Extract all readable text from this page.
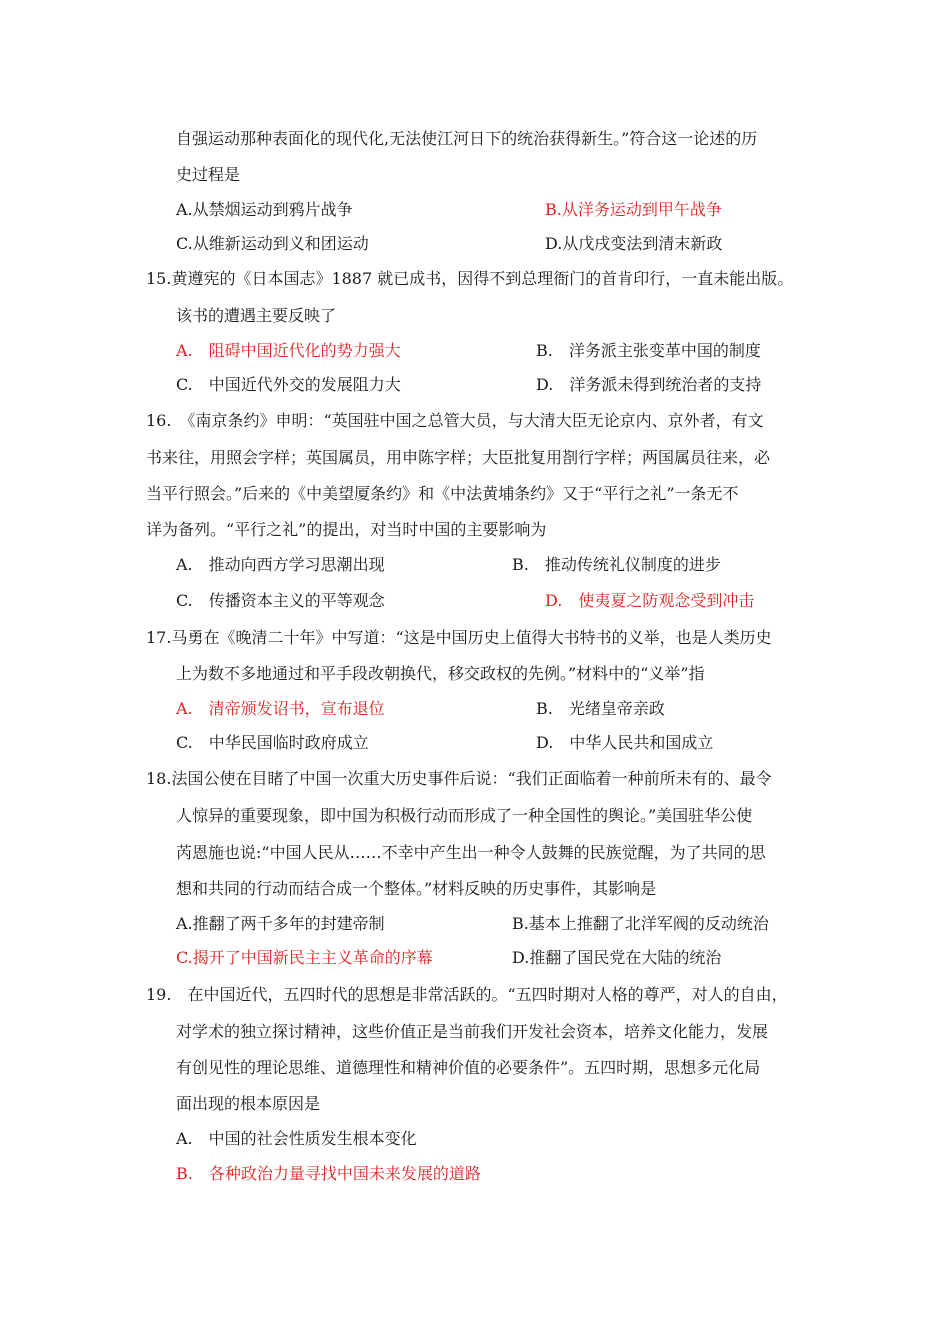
自强运动那种表面化的现代化,无法使江河日下的统治获得新生。”符合这一论述的历
史过程是
A.从禁烟运动到鸦片战争	B.从洋务运动到甲午战争
C.从维新运动到义和团运动	D.从戊戌变法到清末新政
15.黄遵宪的《日本国志》1887 就已成书，因得不到总理衙门的首肯印行，一直未能出版。
该书的遭遇主要反映了
A.　阻碍中国近代化的势力强大	B.　洋务派主张变革中国的制度
C.　中国近代外交的发展阻力大	D.　洋务派未得到统治者的支持
16.　《南京条约》申明：“英国驻中国之总管大员，与大清大臣无论京内、京外者，有文
书来往，用照会字样；英国属员，用申陈字样；大臣批复用剳行字样；两国属员往来，必
当平行照会。”后来的《中美望厦条约》和《中法黄埔条约》又于“平行之礼”一条无不
详为备列。“平行之礼”的提出，对当时中国的主要影响为
A.　推动向西方学习思潮出现	B.　推动传统礼仪制度的进步
C.　传播资本主义的平等观念	D.　使夷夏之防观念受到冲击
17.马勇在《晚清二十年》中写道：“这是中国历史上值得大书特书的义举，也是人类历史
上为数不多地通过和平手段改朝换代，移交政权的先例。”材料中的“义举”指
A.　清帝颁发诏书，宣布退位	B.　光绪皇帝亲政
C.　中华民国临时政府成立	D.　中华人民共和国成立
18.法国公使在目睹了中国一次重大历史事件后说：“我们正面临着一种前所未有的、最令
人惊异的重要现象，即中国为积极行动而形成了一种全国性的舆论。”美国驻华公使
芮恩施也说:“中国人民从……不幸中产生出一种令人鼓舞的民族觉醒，为了共同的思
想和共同的行动而结合成一个整体。”材料反映的历史事件，其影响是
A.推翻了两千多年的封建帝制	B.基本上推翻了北洋军阀的反动统治
C.揭开了中国新民主主义革命的序幕	D.推翻了国民党在大陆的统治
19.　在中国近代，五四时代的思想是非常活跃的。“五四时期对人格的尊严，对人的自由，
对学术的独立探讨精神，这些价值正是当前我们开发社会资本，培养文化能力，发展
有创见性的理论思维、道德理性和精神价值的必要条件”。五四时期，思想多元化局
面出现的根本原因是
A.　中国的社会性质发生根本变化
B.　各种政治力量寻找中国未来发展的道路
